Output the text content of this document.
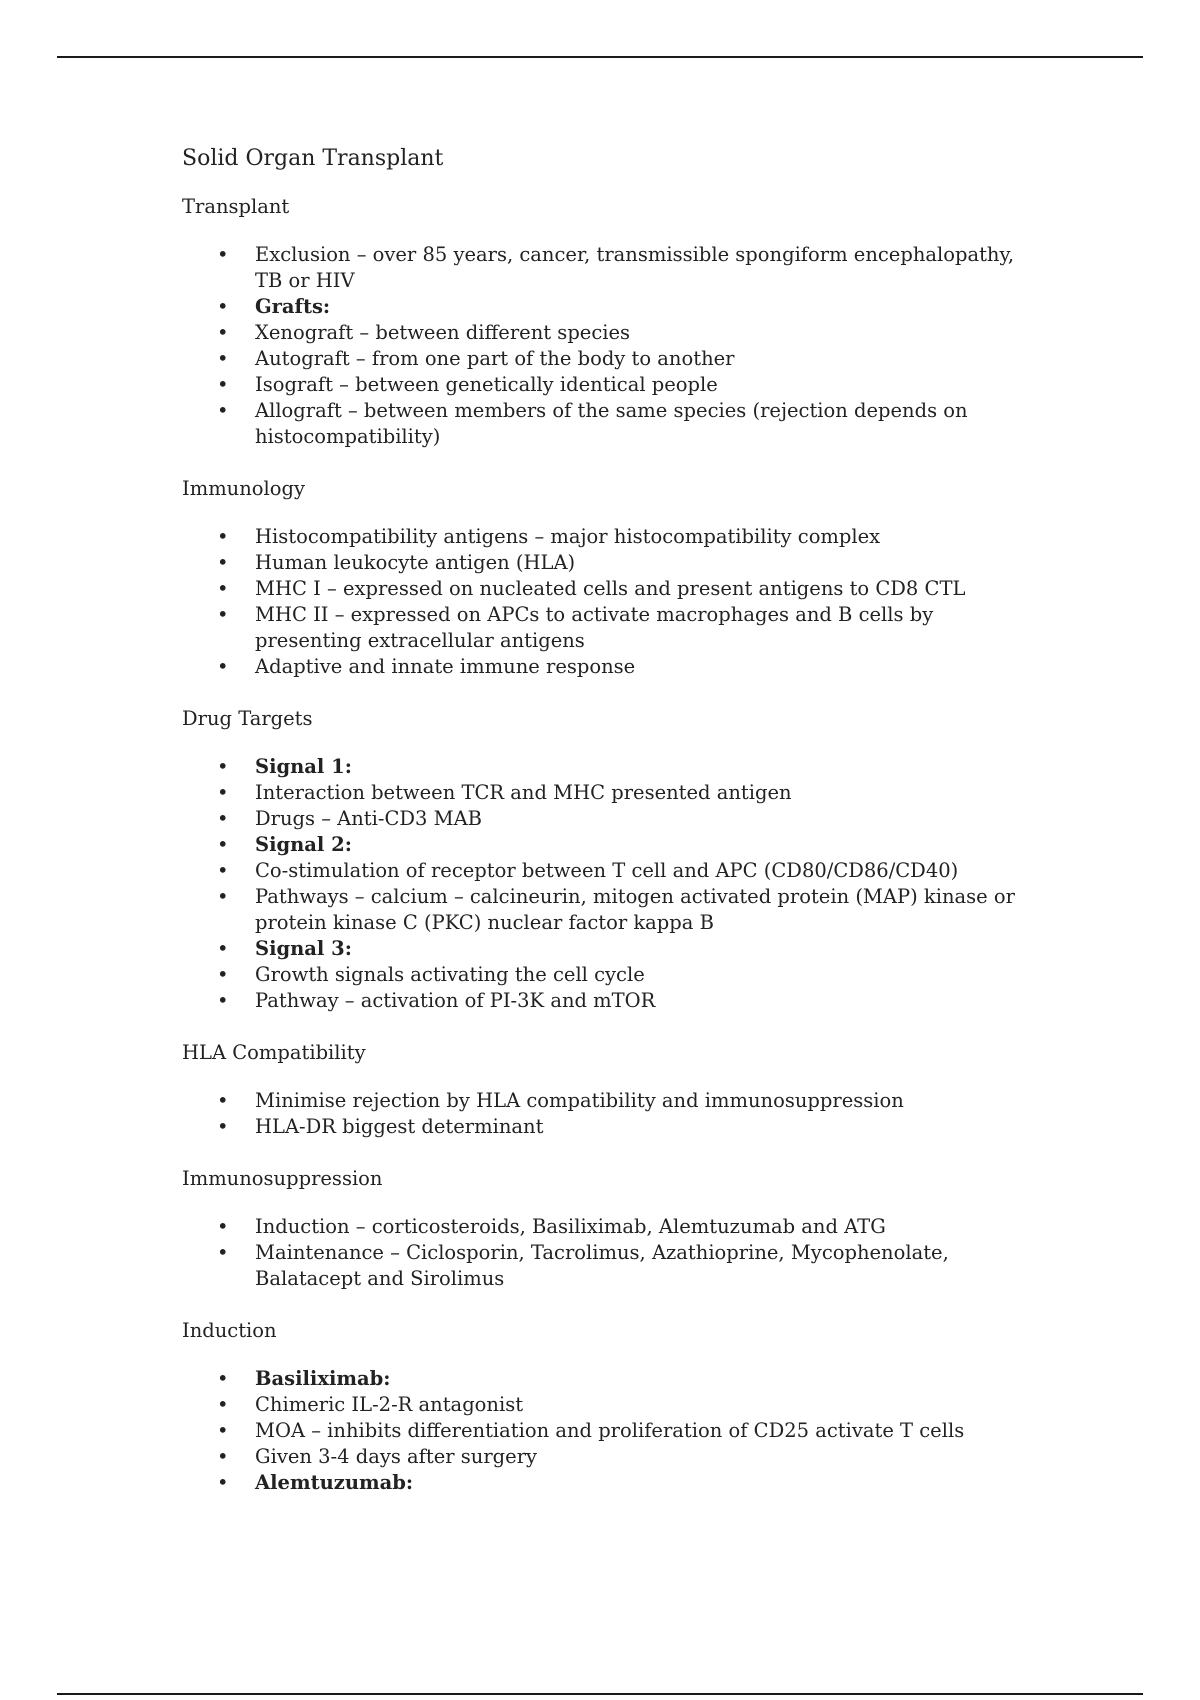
Solid Organ Transplant

Transplant

• Exclusion – over 85 years, cancer, transmissible spongiform encephalopathy, TB or HIV
• Grafts:
• Xenograft – between different species
• Autograft – from one part of the body to another
• Isograft – between genetically identical people
• Allograft – between members of the same species (rejection depends on histocompatibility)

Immunology

• Histocompatibility antigens – major histocompatibility complex
• Human leukocyte antigen (HLA)
• MHC I – expressed on nucleated cells and present antigens to CD8 CTL
• MHC II – expressed on APCs to activate macrophages and B cells by presenting extracellular antigens
• Adaptive and innate immune response

Drug Targets

• Signal 1:
• Interaction between TCR and MHC presented antigen
• Drugs – Anti-CD3 MAB
• Signal 2:
• Co-stimulation of receptor between T cell and APC (CD80/CD86/CD40)
• Pathways – calcium – calcineurin, mitogen activated protein (MAP) kinase or protein kinase C (PKC) nuclear factor kappa B
• Signal 3:
• Growth signals activating the cell cycle
• Pathway – activation of PI-3K and mTOR

HLA Compatibility

• Minimise rejection by HLA compatibility and immunosuppression
• HLA-DR biggest determinant

Immunosuppression

• Induction – corticosteroids, Basiliximab, Alemtuzumab and ATG
• Maintenance – Ciclosporin, Tacrolimus, Azathioprine, Mycophenolate, Balatacept and Sirolimus

Induction

• Basiliximab:
• Chimeric IL-2-R antagonist
• MOA – inhibits differentiation and proliferation of CD25 activate T cells
• Given 3-4 days after surgery
• Alemtuzumab:
